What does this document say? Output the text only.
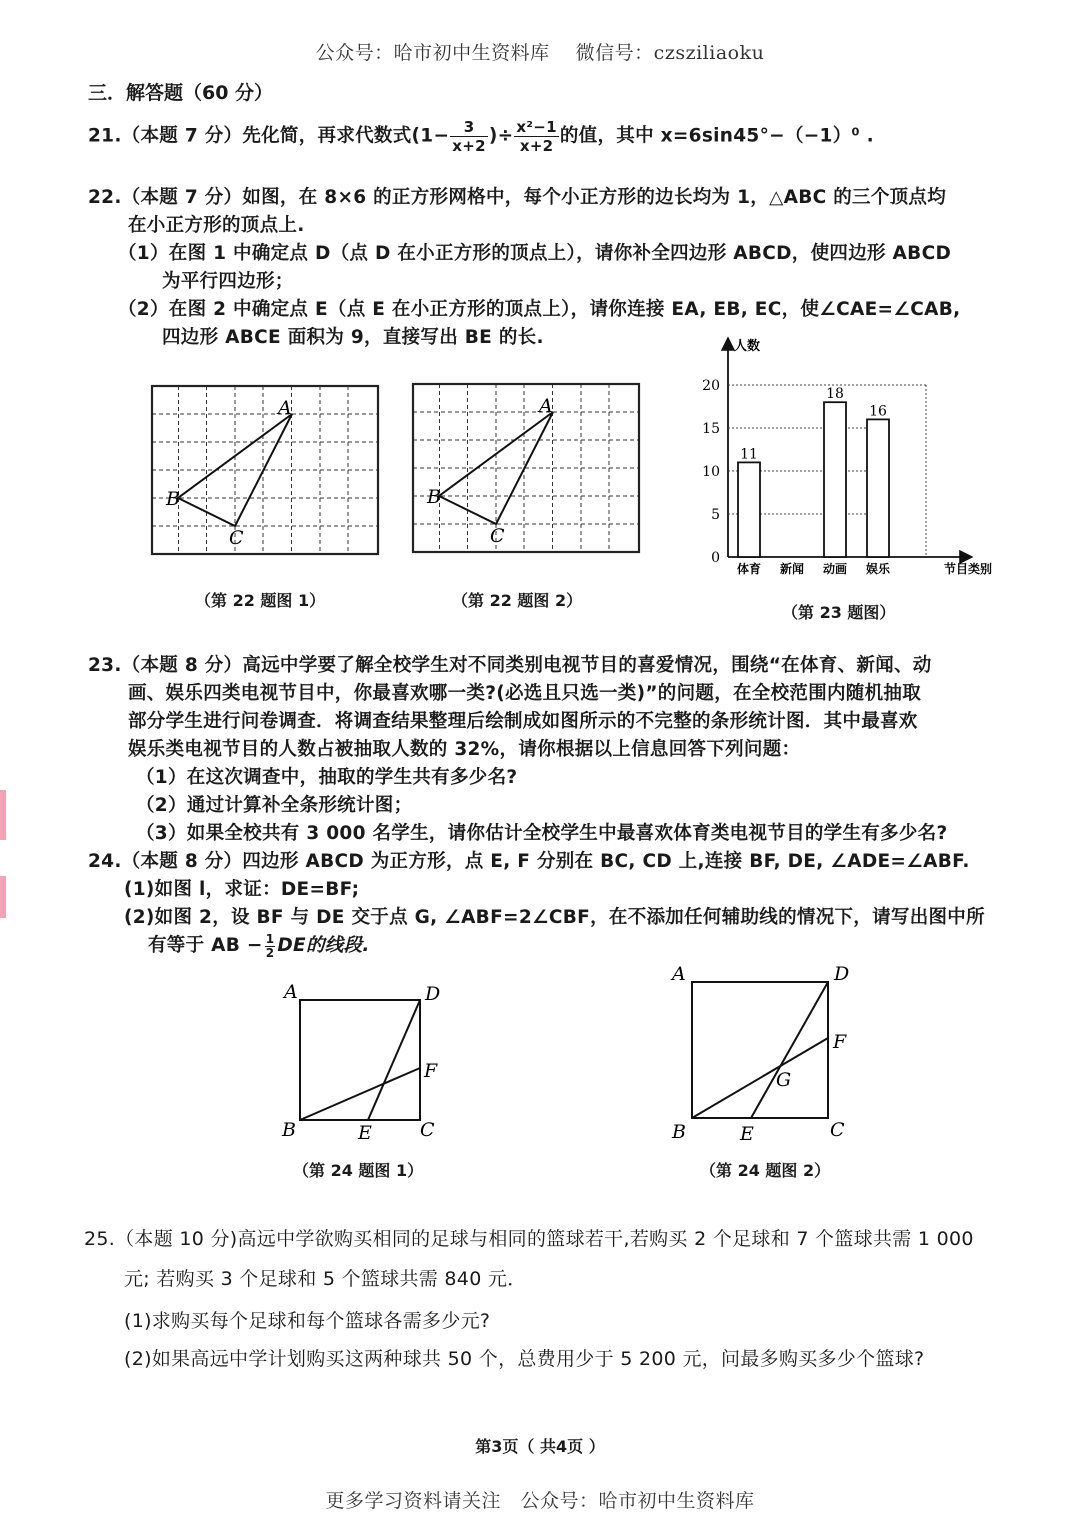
公众号：哈市初中生资料库　 微信号：czsziliaoku
三．解答题（60 分）
21.（本题 7 分）先化简，再求代数式($1- \frac{3}{x+2}$ )÷ $\frac{\text{x²−1}}{x+2}$ 的值，其中 x=6sin45°−（−1）⁰ .
22.（本题 7 分）如图，在 8×6 的正方形网格中，每个小正方形的边长均为 1，△ABC 的三个顶点均
在小正方形的顶点上.
（1）在图 1 中确定点 D（点 D 在小正方形的顶点上），请你补全四边形 ABCD，使四边形 ABCD
为平行四边形；
（2）在图 2 中确定点 E（点 E 在小正方形的顶点上），请你连接 EA, EB, EC，使∠CAE=∠CAB,
四边形 ABCE 面积为 9，直接写出 BE 的长.
A
B
C
A
B
C
（第 22 题图 1）	（第 22 题图 2）
人数
节目类别
0
5
10
15
20
11
体育 新闻
18
动画
16
娱乐
（第 23 题图）
23.（本题 8 分）高远中学要了解全校学生对不同类别电视节目的喜爱情况，围绕“在体育、新闻、动
画、娱乐四类电视节目中，你最喜欢哪一类?(必选且只选一类)”的问题，在全校范围内随机抽取
部分学生进行问卷调查．将调查结果整理后绘制成如图所示的不完整的条形统计图．其中最喜欢
娱乐类电视节目的人数占被抽取人数的 32%，请你根据以上信息回答下列问题：
（1）在这次调查中，抽取的学生共有多少名?
（2）通过计算补全条形统计图；
（3）如果全校共有 3 000 名学生，请你估计全校学生中最喜欢体育类电视节目的学生有多少名?
24.（本题 8 分）四边形 ABCD 为正方形，点 E, F 分别在 BC, CD 上,连接 BF, DE, ∠ADE=∠ABF.
(1)如图 l，求证：DE=BF;
(2)如图 2，设 BF 与 DE 交于点 G, ∠ABF=2∠CBF，在不添加任何辅助线的情况下，请写出图中所
有等于 AB − $\frac{1}{2}$ DE的线段.
A	D
F
B	E	C
（第 24 题图 1）
A	D
F
G
B	E	C
（第 24 题图 2）
25.（本题 10 分)高远中学欲购买相同的足球与相同的篮球若干,若购买 2 个足球和 7 个篮球共需 1 000
元; 若购买 3 个足球和 5 个篮球共需 840 元．
(1)求购买每个足球和每个篮球各需多少元?
(2)如果高远中学计划购买这两种球共 50 个，总费用少于 5 200 元，问最多购买多少个篮球?
第3页（ 共4页 ）
更多学习资料请关注　公众号：哈市初中生资料库
